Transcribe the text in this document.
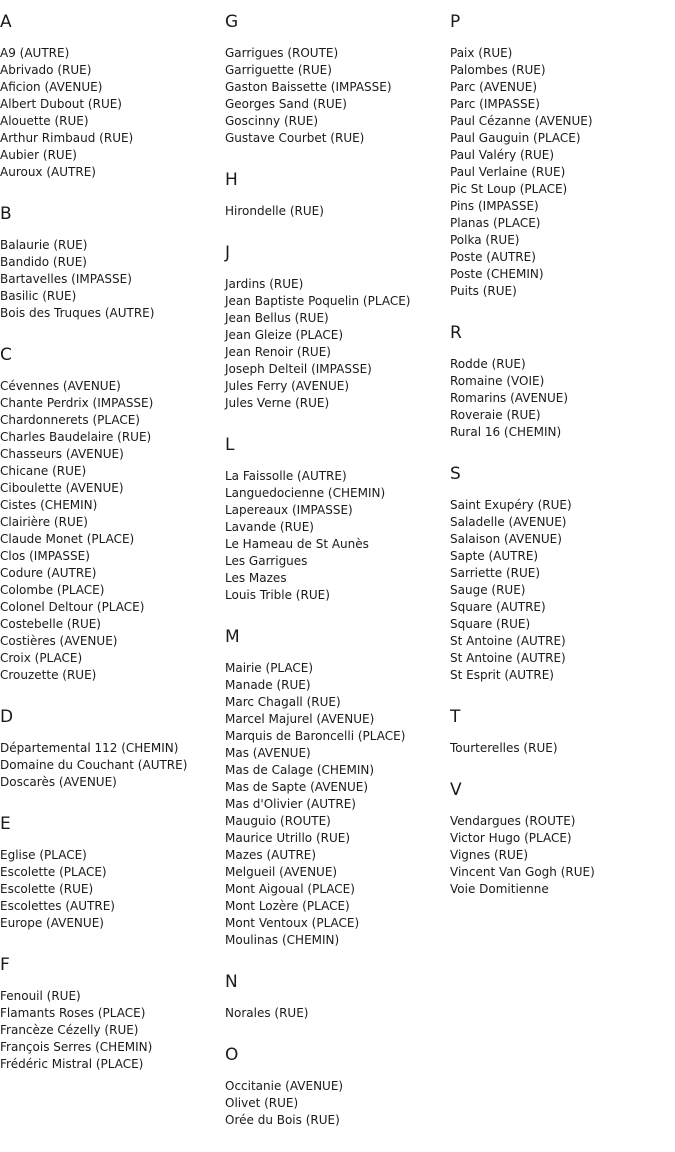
A
A9 (AUTRE)
Abrivado (RUE)
Aficion (AVENUE)
Albert Dubout (RUE)
Alouette (RUE)
Arthur Rimbaud (RUE)
Aubier (RUE)
Auroux (AUTRE)
B
Balaurie (RUE)
Bandido (RUE)
Bartavelles (IMPASSE)
Basilic (RUE)
Bois des Truques (AUTRE)
C
Cévennes (AVENUE)
Chante Perdrix (IMPASSE)
Chardonnerets (PLACE)
Charles Baudelaire (RUE)
Chasseurs (AVENUE)
Chicane (RUE)
Ciboulette (AVENUE)
Cistes (CHEMIN)
Clairière (RUE)
Claude Monet (PLACE)
Clos (IMPASSE)
Codure (AUTRE)
Colombe (PLACE)
Colonel Deltour (PLACE)
Costebelle (RUE)
Costières (AVENUE)
Croix (PLACE)
Crouzette (RUE)
D
Départemental 112 (CHEMIN)
Domaine du Couchant (AUTRE)
Doscarès (AVENUE)
E
Eglise (PLACE)
Escolette (PLACE)
Escolette (RUE)
Escolettes (AUTRE)
Europe (AVENUE)
F
Fenouil (RUE)
Flamants Roses (PLACE)
Francèze Cézelly (RUE)
François Serres (CHEMIN)
Frédéric Mistral (PLACE)
G
Garrigues (ROUTE)
Garriguette (RUE)
Gaston Baissette (IMPASSE)
Georges Sand (RUE)
Goscinny (RUE)
Gustave Courbet (RUE)
H
Hirondelle (RUE)
J
Jardins (RUE)
Jean Baptiste Poquelin (PLACE)
Jean Bellus (RUE)
Jean Gleize (PLACE)
Jean Renoir (RUE)
Joseph Delteil (IMPASSE)
Jules Ferry (AVENUE)
Jules Verne (RUE)
L
La Faissolle (AUTRE)
Languedocienne (CHEMIN)
Lapereaux (IMPASSE)
Lavande (RUE)
Le Hameau de St Aunès
Les Garrigues
Les Mazes
Louis Trible (RUE)
M
Mairie (PLACE)
Manade (RUE)
Marc Chagall (RUE)
Marcel Majurel (AVENUE)
Marquis de Baroncelli (PLACE)
Mas (AVENUE)
Mas de Calage (CHEMIN)
Mas de Sapte (AVENUE)
Mas d'Olivier (AUTRE)
Mauguio (ROUTE)
Maurice Utrillo (RUE)
Mazes (AUTRE)
Melgueil (AVENUE)
Mont Aigoual (PLACE)
Mont Lozère (PLACE)
Mont Ventoux (PLACE)
Moulinas (CHEMIN)
N
Norales (RUE)
O
Occitanie (AVENUE)
Olivet (RUE)
Orée du Bois (RUE)
P
Paix (RUE)
Palombes (RUE)
Parc (AVENUE)
Parc (IMPASSE)
Paul Cézanne (AVENUE)
Paul Gauguin (PLACE)
Paul Valéry (RUE)
Paul Verlaine (RUE)
Pic St Loup (PLACE)
Pins (IMPASSE)
Planas (PLACE)
Polka (RUE)
Poste (AUTRE)
Poste (CHEMIN)
Puits (RUE)
R
Rodde (RUE)
Romaine (VOIE)
Romarins (AVENUE)
Roveraie (RUE)
Rural 16 (CHEMIN)
S
Saint Exupéry (RUE)
Saladelle (AVENUE)
Salaison (AVENUE)
Sapte (AUTRE)
Sarriette (RUE)
Sauge (RUE)
Square (AUTRE)
Square (RUE)
St Antoine (AUTRE)
St Antoine (AUTRE)
St Esprit (AUTRE)
T
Tourterelles (RUE)
V
Vendargues (ROUTE)
Victor Hugo (PLACE)
Vignes (RUE)
Vincent Van Gogh (RUE)
Voie Domitienne
